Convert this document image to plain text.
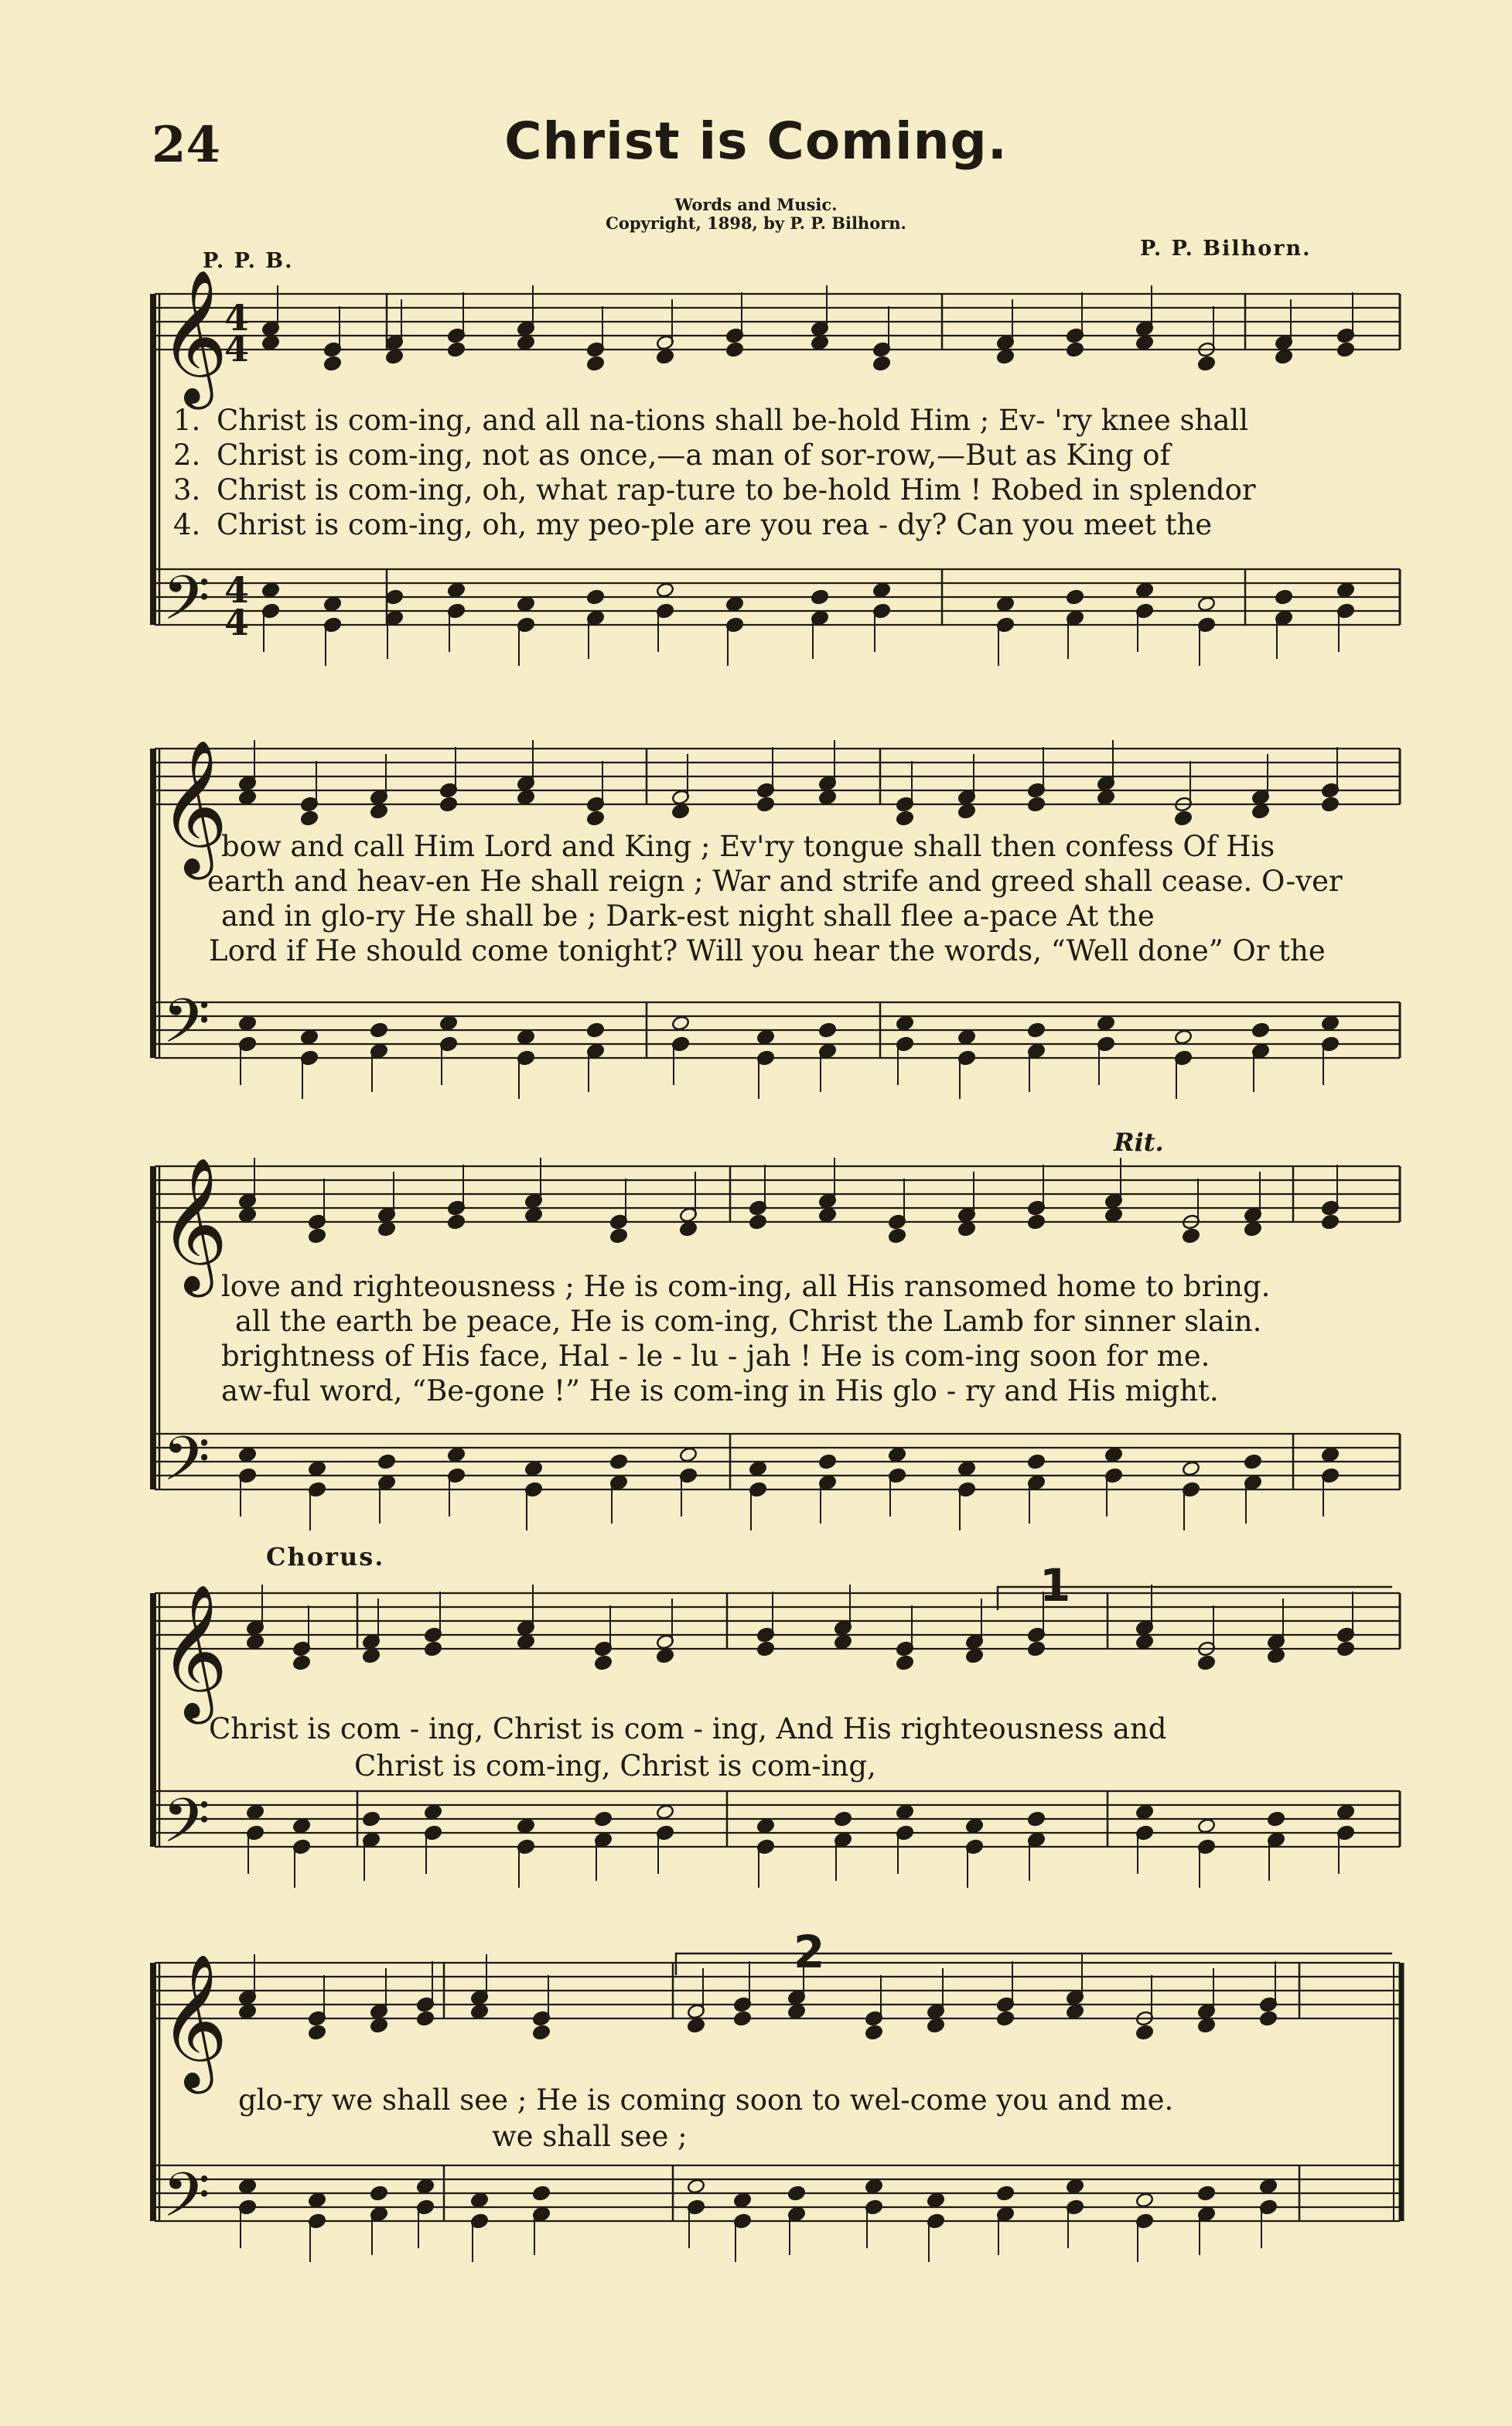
24	Christ is Coming.
Words and Music.
Copyright, 1898, by P. P. Bilhorn.
P. P. B.
P. P. Bilhorn.
1. Christ is com-ing, and all na-tions shall be-hold Him ; Ev- 'ry knee shall
2. Christ is com-ing, not as once,—a man of sor-row,—But as King of
3. Christ is com-ing, oh, what rap-ture to be-hold Him ! Robed in splendor
4. Christ is com-ing, oh, my peo-ple are you rea - dy? Can you meet the
bow and call Him Lord and King ; Ev'ry tongue shall then confess Of His
earth and heav-en He shall reign ; War and strife and greed shall cease. O-ver
and in glo-ry He shall be ; Dark-est night shall flee a-pace At the
Lord if He should come tonight? Will you hear the words, “Well done” Or the
Rit.
love and righteousness ; He is com-ing, all His ransomed home to bring.
all the earth be peace, He is com-ing, Christ the Lamb for sinner slain.
brightness of His face, Hal - le - lu - jah ! He is com-ing soon for me.
aw-ful word, “Be-gone !” He is com-ing in His glo - ry and His might.
Chorus.
1
Christ is com - ing, Christ is com - ing, And His righteousness and
Christ is com-ing, Christ is com-ing,
2
glo-ry we shall see ; He is coming soon to wel-come you and me.
we shall see ;
𝄞
4
4
𝄢 4
4
𝄞
𝄢
𝄞
𝄢
𝄞
𝄢
𝄞
𝄢
